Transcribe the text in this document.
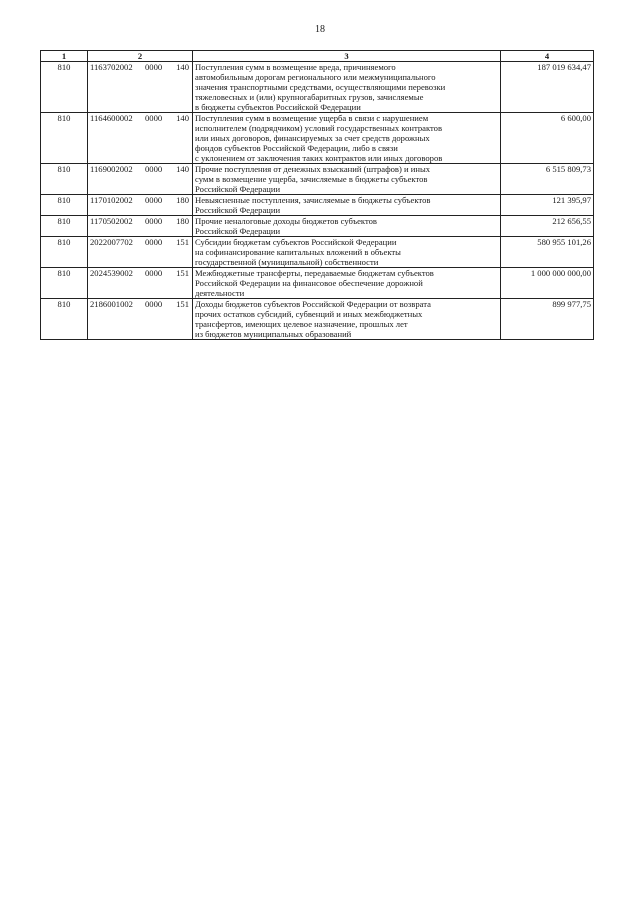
18
1	2	3	4
810	1163702002 0000 140	Поступления сумм в возмещение вреда, причиняемого
автомобильным дорогам регионального или межмуниципального
значения транспортными средствами, осуществляющими перевозки
тяжеловесных и (или) крупногабаритных грузов, зачисляемые
в бюджеты субъектов Российской Федерации	187 019 634,47
810	1164600002 0000 140	Поступления сумм в возмещение ущерба в связи с нарушением
исполнителем (подрядчиком) условий государственных контрактов
или иных договоров, финансируемых за счет средств дорожных
фондов субъектов Российской Федерации, либо в связи
с уклонением от заключения таких контрактов или иных договоров	6 600,00
810	1169002002 0000 140	Прочие поступления от денежных взысканий (штрафов) и иных
сумм в возмещение ущерба, зачисляемые в бюджеты субъектов
Российской Федерации	6 515 809,73
810	1170102002 0000 180	Невыясненные поступления, зачисляемые в бюджеты субъектов
Российской Федерации	121 395,97
810	1170502002 0000 180	Прочие неналоговые доходы бюджетов субъектов
Российской Федерации	212 656,55
810	2022007702 0000 151	Субсидии бюджетам субъектов Российской Федерации
на софинансирование капитальных вложений в объекты
государственной (муниципальной) собственности	580 955 101,26
810	2024539002 0000 151	Межбюджетные трансферты, передаваемые бюджетам субъектов
Российской Федерации на финансовое обеспечение дорожной
деятельности	1 000 000 000,00
810	2186001002 0000 151	Доходы бюджетов субъектов Российской Федерации от возврата
прочих остатков субсидий, субвенций и иных межбюджетных
трансфертов, имеющих целевое назначение, прошлых лет
из бюджетов муниципальных образований	899 977,75
